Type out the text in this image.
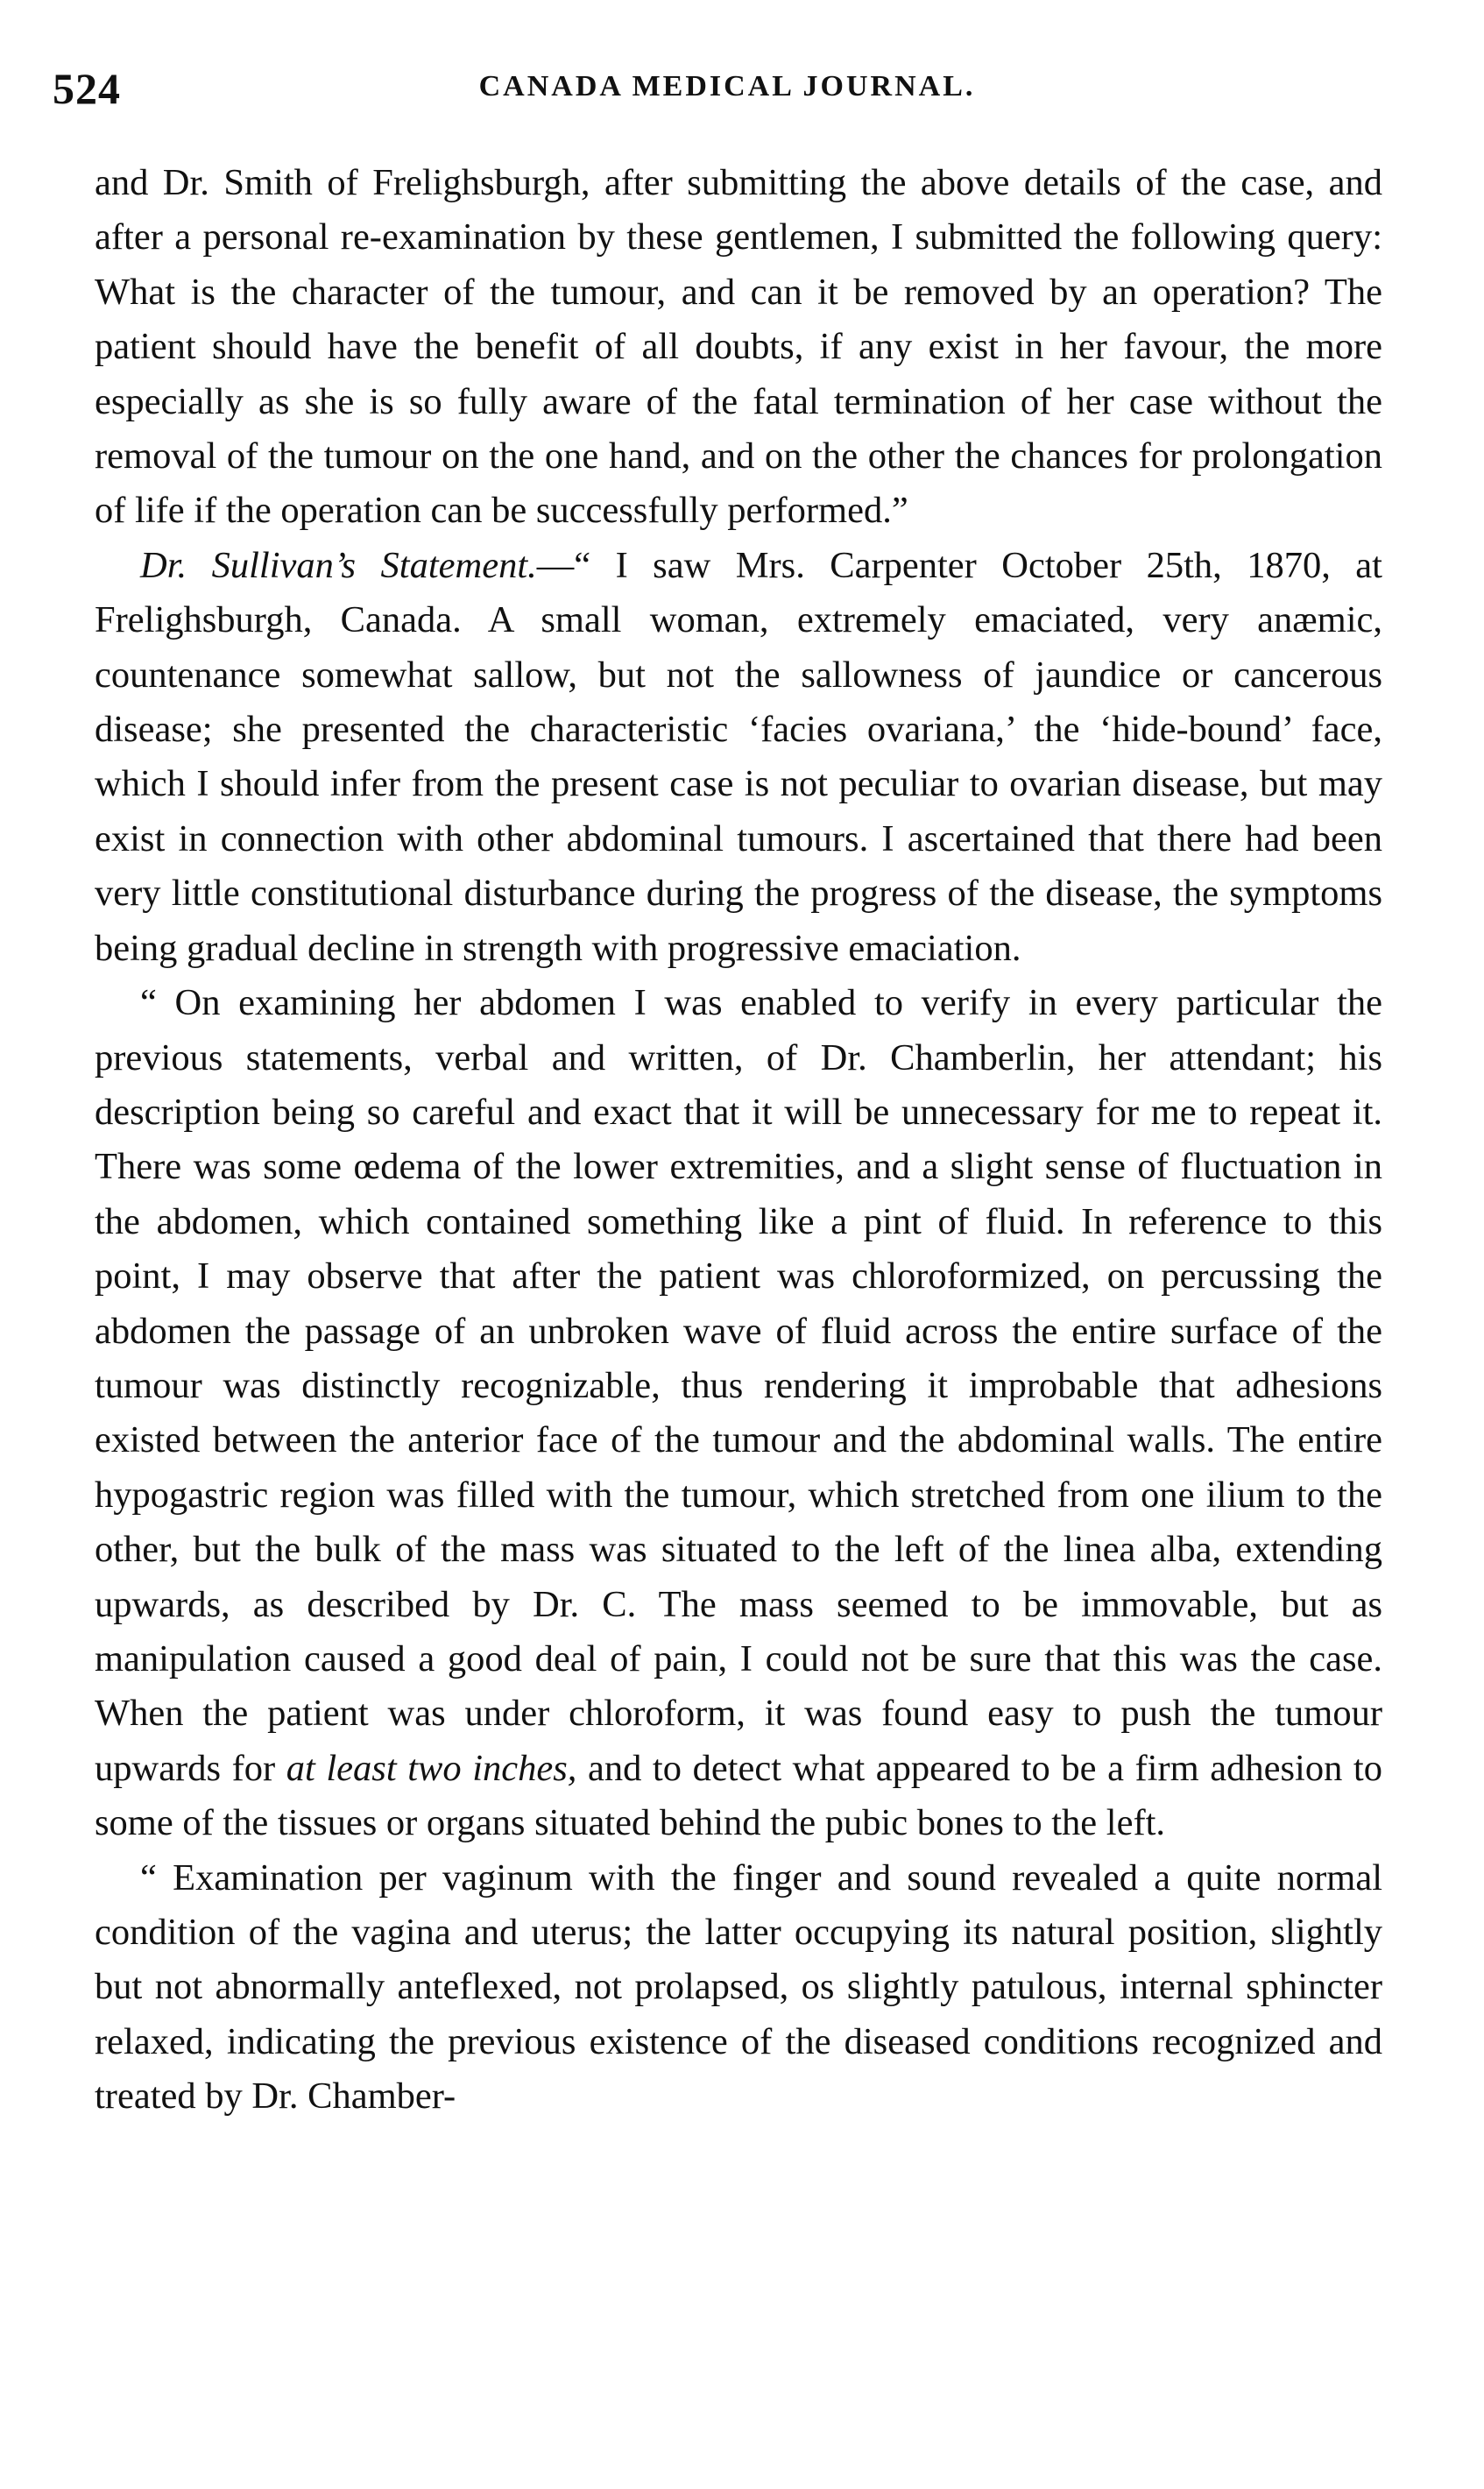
524	CANADA MEDICAL JOURNAL.

and Dr. Smith of Frelighsburgh, after submitting the above details of the case, and after a personal re-examination by these gentlemen, I submitted the following query: What is the character of the tumour, and can it be removed by an operation? The patient should have the benefit of all doubts, if any exist in her favour, the more especially as she is so fully aware of the fatal termination of her case without the removal of the tumour on the one hand, and on the other the chances for prolongation of life if the operation can be successfully performed.”

Dr. Sullivan’s Statement.—“ I saw Mrs. Carpenter October 25th, 1870, at Frelighsburgh, Canada. A small woman, extremely emaciated, very anæmic, countenance somewhat sallow, but not the sallowness of jaundice or cancerous disease; she presented the characteristic ‘facies ovariana,’ the ‘hide-bound’ face, which I should infer from the present case is not peculiar to ovarian disease, but may exist in connection with other abdominal tumours. I ascertained that there had been very little constitutional disturbance during the progress of the disease, the symptoms being gradual decline in strength with progressive emaciation.

“ On examining her abdomen I was enabled to verify in every particular the previous statements, verbal and written, of Dr. Chamberlin, her attendant; his description being so careful and exact that it will be unnecessary for me to repeat it. There was some œdema of the lower extremities, and a slight sense of fluctuation in the abdomen, which contained something like a pint of fluid. In reference to this point, I may observe that after the patient was chloroformized, on percussing the abdomen the passage of an unbroken wave of fluid across the entire surface of the tumour was distinctly recognizable, thus rendering it improbable that adhesions existed between the anterior face of the tumour and the abdominal walls. The entire hypogastric region was filled with the tumour, which stretched from one ilium to the other, but the bulk of the mass was situated to the left of the linea alba, extending upwards, as described by Dr. C. The mass seemed to be immovable, but as manipulation caused a good deal of pain, I could not be sure that this was the case. When the patient was under chloroform, it was found easy to push the tumour upwards for at least two inches, and to detect what appeared to be a firm adhesion to some of the tissues or organs situated behind the pubic bones to the left.

“ Examination per vaginum with the finger and sound revealed a quite normal condition of the vagina and uterus; the latter occupying its natural position, slightly but not abnormally anteflexed, not prolapsed, os slightly patulous, internal sphincter relaxed, indicating the previous existence of the diseased conditions recognized and treated by Dr. Chamber-
